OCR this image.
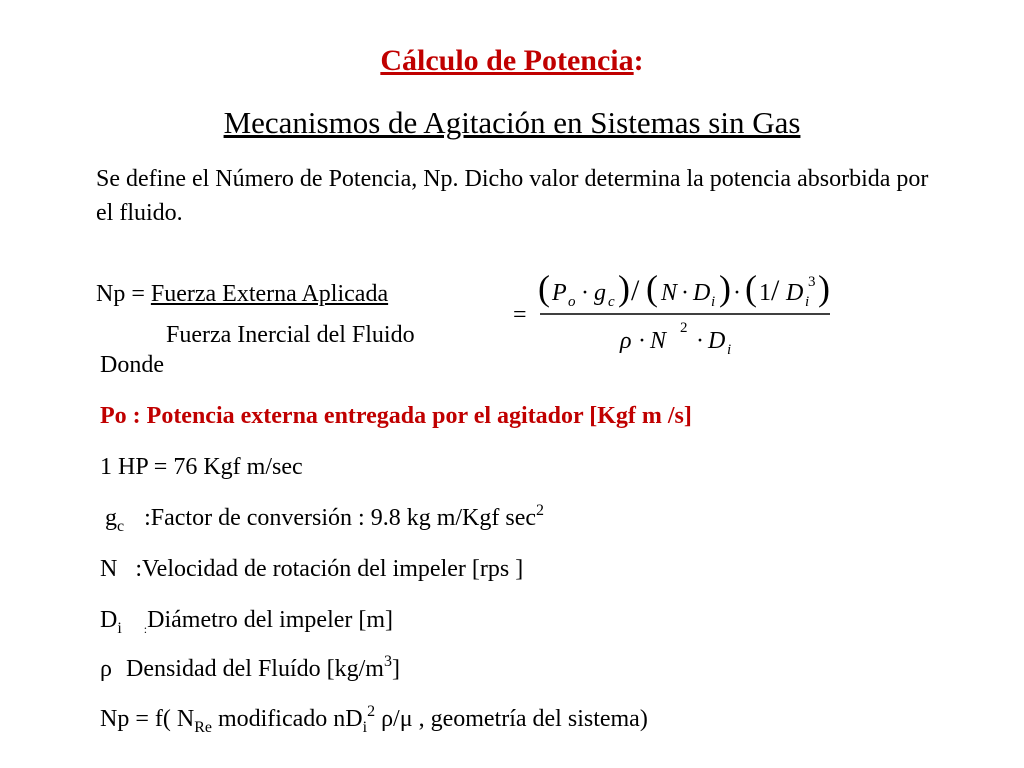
Cálculo de Potencia:
Mecanismos de Agitación en Sistemas sin Gas
Se define el Número de Potencia, Np. Dicho valor determina la potencia absorbida por el fluido.
Np = Fuerza Externa Aplicada
Fuerza Inercial del Fluido
=
( P o · g c ) / ( N · D i ) · ( 1 / D i
3 )
ρ · N 2 · D i
Donde
Po : Potencia externa entregada por el agitador [Kgf m /s]
1 HP = 76 Kgf m/sec
$g_c$ :Factor de conversión : 9.8 kg m/Kgf $\sec^2$
N :Velocidad de rotación del impeler [rps ]
$D_i$ $_:$Diámetro del impeler [m]
ρ Densidad del Fluído $[kg/m^3]$
Np = f( $N_{Re}$ modificado $nD_i^2$ ρ/μ , geometría del sistema)
